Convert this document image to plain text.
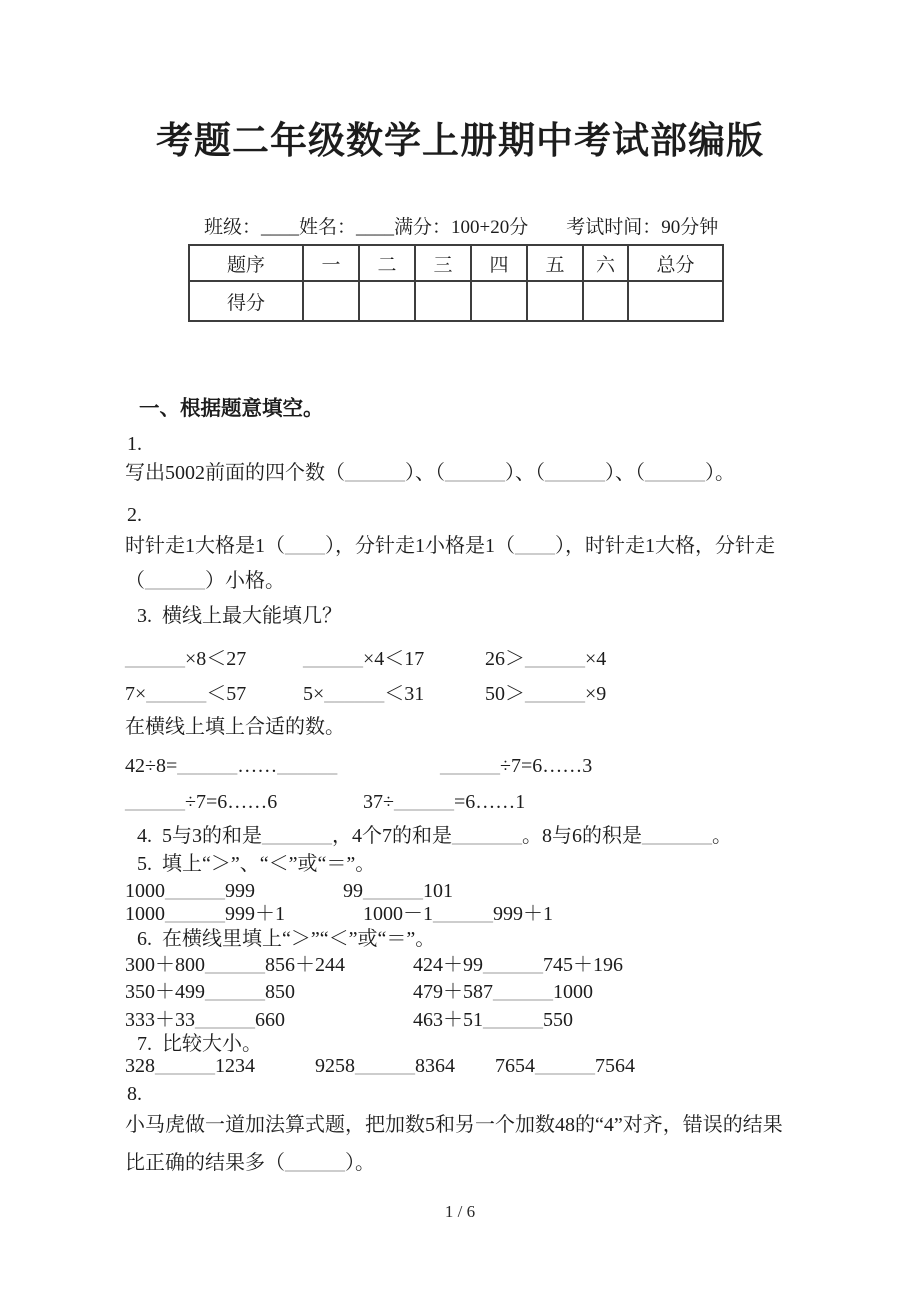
考题二年级数学上册期中考试部编版
班级：____姓名：____满分：100+20分　　考试时间：90分钟
题序	一	二	三	四	五	六	总分
得分							
一、根据题意填空。
1.
写出5002前面的四个数（______）、（______）、（______）、（______）。
2.
时针走1大格是1（____），分针走1小格是1（____），时针走1大格，分针走
（______）小格。
3.  横线上最大能填几？
______×8＜27	______×4＜17	26＞______×4
7×______＜57	5×______＜31	50＞______×9
在横线上填上合适的数。
42÷8=______……______	______÷7=6……3
______÷7=6……6	37÷______=6……1
4.  5与3的和是_______，4个7的和是_______。8与6的积是_______。
5.  填上“＞”、“＜”或“＝”。
1000______999	99______101
1000______999＋1	1000－1______999＋1
6.  在横线里填上“＞”“＜”或“＝”。
300＋800______856＋244	424＋99______745＋196
350＋499______850	479＋587______1000
333＋33______660	463＋51______550
7.  比较大小。
328______1234	9258______8364 7654______7564
8.
小马虎做一道加法算式题，把加数5和另一个加数48的“4”对齐，错误的结果
比正确的结果多（______）。
1 / 6
